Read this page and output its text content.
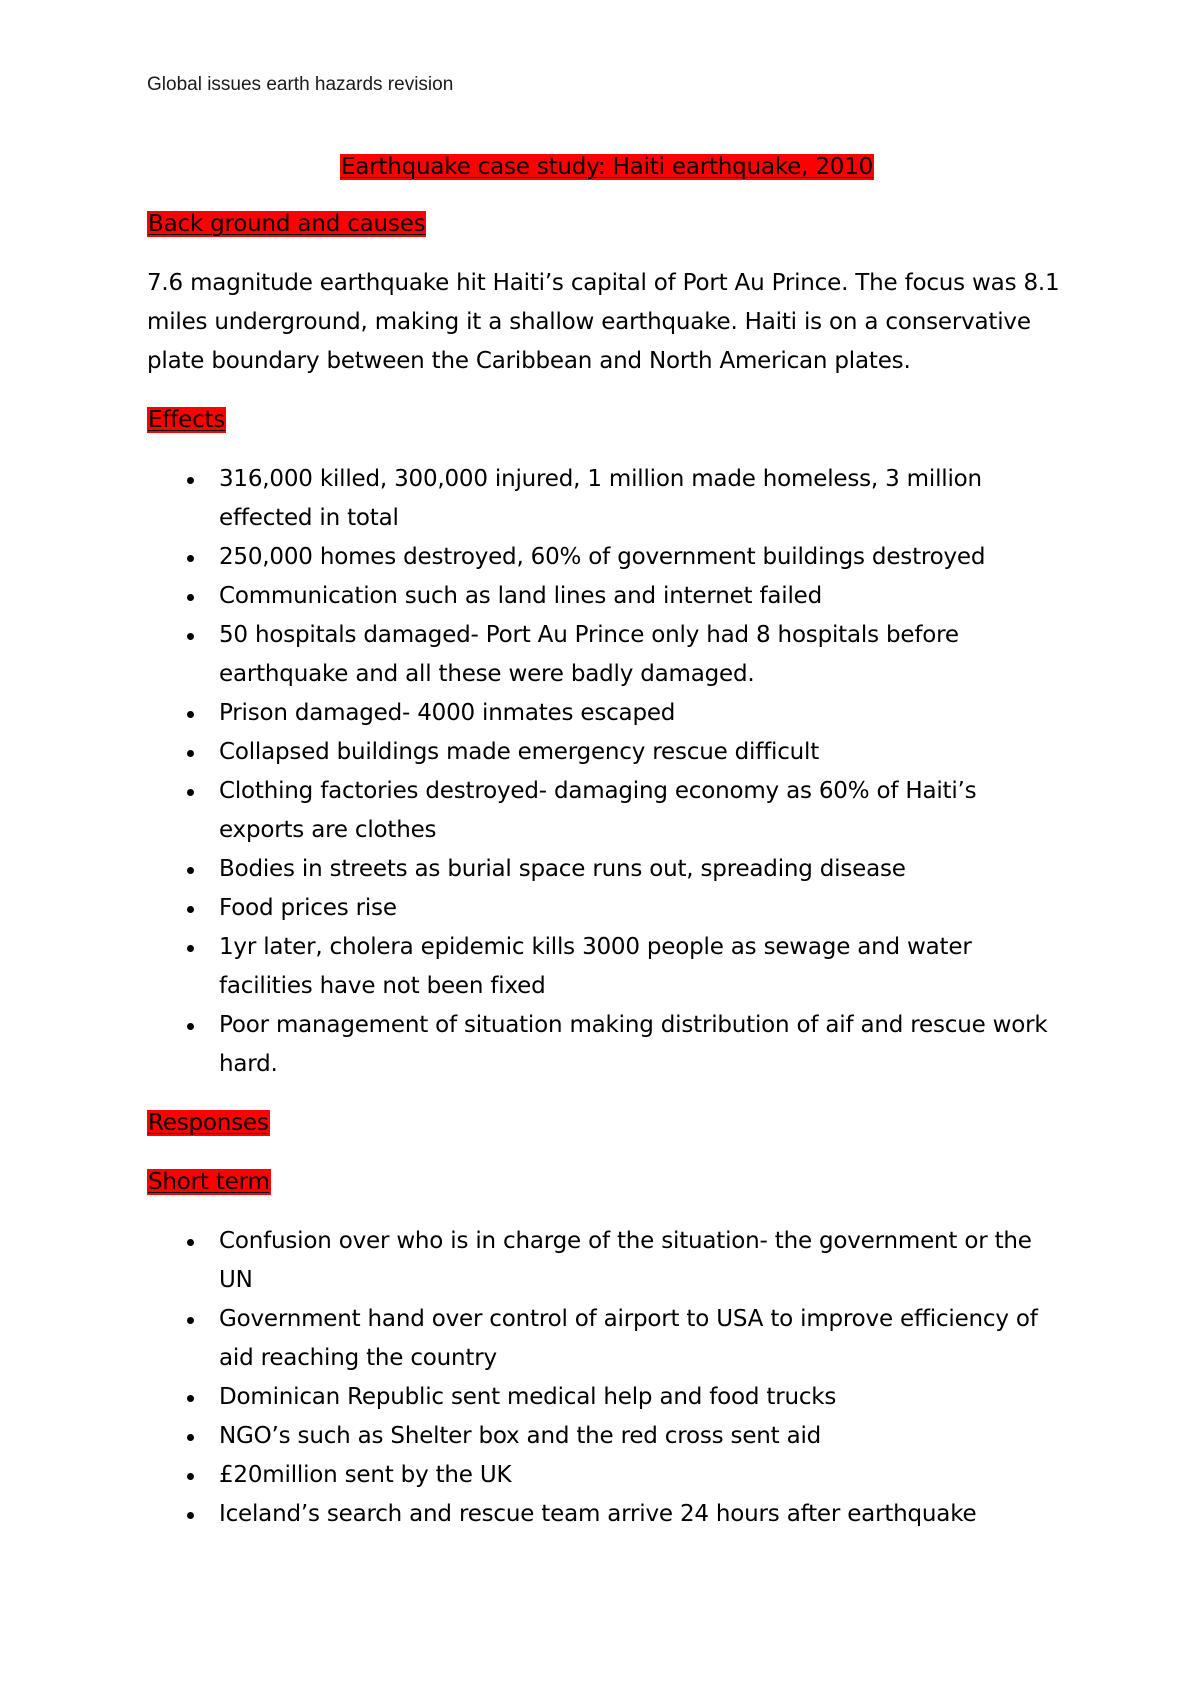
Global issues earth hazards revision
Earthquake case study: Haiti earthquake, 2010
Back ground and causes

7.6 magnitude earthquake hit Haiti’s capital of Port Au Prince. The focus was 8.1 miles underground, making it a shallow earthquake. Haiti is on a conservative plate boundary between the Caribbean and North American plates.

Effects
316,000 killed, 300,000 injured, 1 million made homeless, 3 million effected in total
250,000 homes destroyed, 60% of government buildings destroyed
Communication such as land lines and internet failed
50 hospitals damaged- Port Au Prince only had 8 hospitals before earthquake and all these were badly damaged.
Prison damaged- 4000 inmates escaped
Collapsed buildings made emergency rescue difficult
Clothing factories destroyed- damaging economy as 60% of Haiti’s exports are clothes
Bodies in streets as burial space runs out, spreading disease
Food prices rise
1yr later, cholera epidemic kills 3000 people as sewage and water facilities have not been fixed
Poor management of situation making distribution of aif and rescue work hard.
Responses
Short term
Confusion over who is in charge of the situation- the government or the UN
Government hand over control of airport to USA to improve efficiency of aid reaching the country
Dominican Republic sent medical help and food trucks
NGO’s such as Shelter box and the red cross sent aid
£20million sent by the UK
Iceland’s search and rescue team arrive 24 hours after earthquake
